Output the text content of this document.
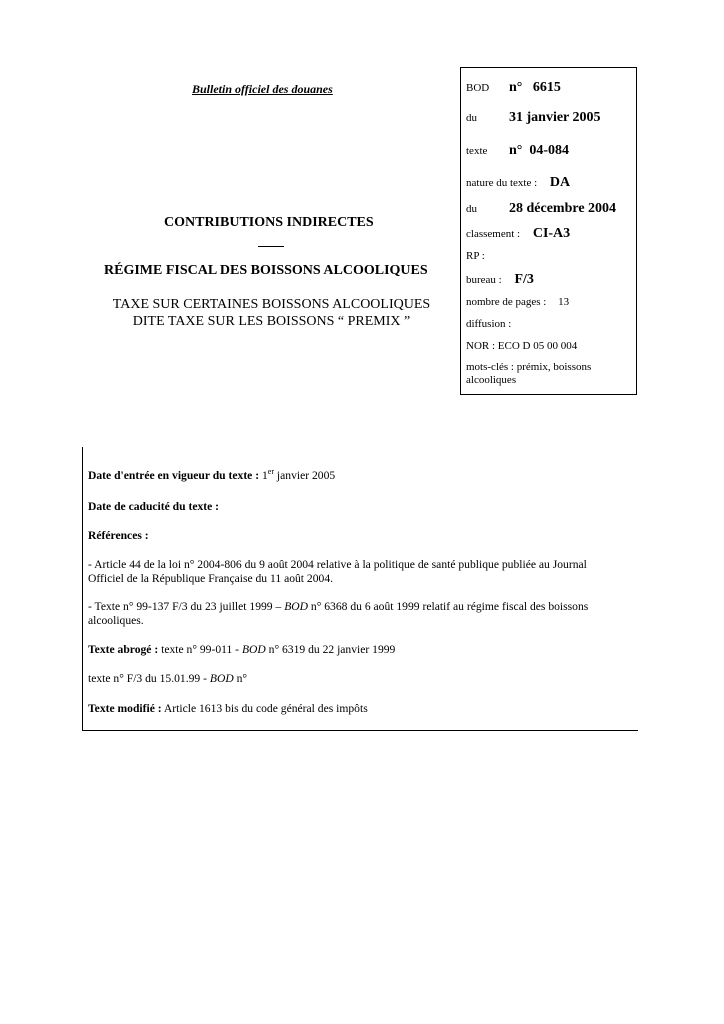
Bulletin officiel des douanes
CONTRIBUTIONS INDIRECTES
RÉGIME FISCAL DES BOISSONS ALCOOLIQUES
TAXE SUR CERTAINES BOISSONS ALCOOLIQUES
DITE TAXE SUR LES BOISSONS “ PREMIX ”
BOD n°   6615
du 31 janvier 2005
texte n°  04-084
nature du texte : DA
du 28 décembre 2004
classement : CI-A3
RP :
bureau : F/3
nombre de pages : 13
diffusion :
NOR : ECO D 05 00 004
mots-clés : prémix, boissons
alcooliques
Date d'entrée en vigueur du texte : 1er janvier 2005
Date de caducité du texte :
Références :
- Article 44 de la loi n° 2004-806 du 9 août 2004 relative à la politique de santé publique publiée au Journal
Officiel de la République Française du 11 août 2004.
- Texte n° 99-137 F/3 du 23 juillet 1999 – BOD n° 6368 du 6 août 1999 relatif au régime fiscal des boissons
alcooliques.
Texte abrogé : texte n° 99-011 - BOD n° 6319 du 22 janvier 1999
texte n° F/3 du 15.01.99 - BOD n°
Texte modifié : Article 1613 bis du code général des impôts
